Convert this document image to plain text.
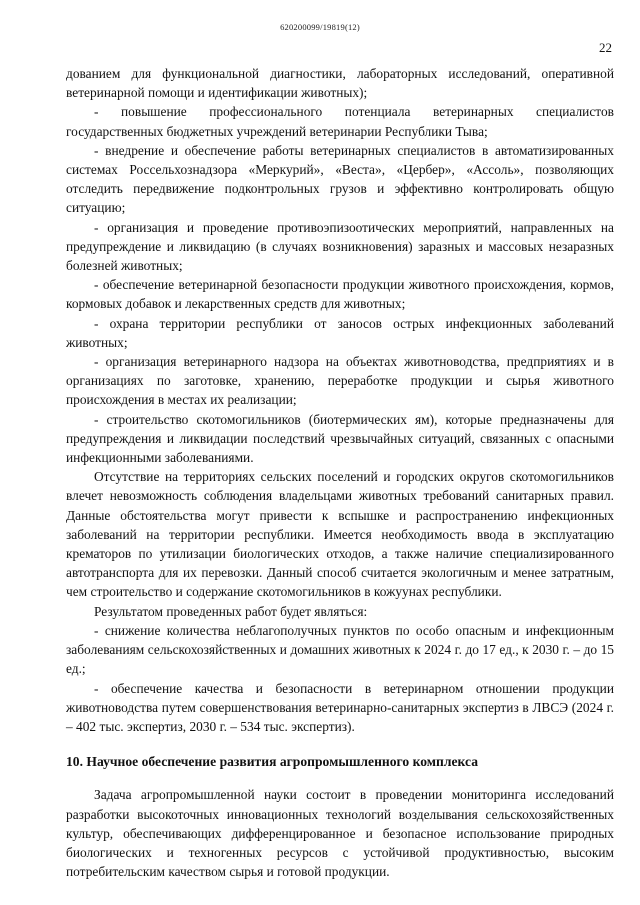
620200099/19819(12)
22

дованием для функциональной диагностики, лабораторных исследований, оперативной ветеринарной помощи и идентификации животных);

- повышение профессионального потенциала ветеринарных специалистов государственных бюджетных учреждений ветеринарии Республики Тыва;

- внедрение и обеспечение работы ветеринарных специалистов в автоматизированных системах Россельхознадзора «Меркурий», «Веста», «Цербер», «Ассоль», позволяющих отследить передвижение подконтрольных грузов и эффективно контролировать общую ситуацию;

- организация и проведение противоэпизоотических мероприятий, направленных на предупреждение и ликвидацию (в случаях возникновения) заразных и массовых незаразных болезней животных;

- обеспечение ветеринарной безопасности продукции животного происхождения, кормов, кормовых добавок и лекарственных средств для животных;

- охрана территории республики от заносов острых инфекционных заболеваний животных;

- организация ветеринарного надзора на объектах животноводства, предприятиях и в организациях по заготовке, хранению, переработке продукции и сырья животного происхождения в местах их реализации;

- строительство скотомогильников (биотермических ям), которые предназначены для предупреждения и ликвидации последствий чрезвычайных ситуаций, связанных с опасными инфекционными заболеваниями.

Отсутствие на территориях сельских поселений и городских округов скотомогильников влечет невозможность соблюдения владельцами животных требований санитарных правил. Данные обстоятельства могут привести к вспышке и распространению инфекционных заболеваний на территории республики. Имеется необходимость ввода в эксплуатацию крематоров по утилизации биологических отходов, а также наличие специализированного автотранспорта для их перевозки. Данный способ считается экологичным и менее затратным, чем строительство и содержание скотомогильников в кожуунах республики.

Результатом проведенных работ будет являться:

- снижение количества неблагополучных пунктов по особо опасным и инфекционным заболеваниям сельскохозяйственных и домашних животных к 2024 г. до 17 ед., к 2030 г. – до 15 ед.;

- обеспечение качества и безопасности в ветеринарном отношении продукции животноводства путем совершенствования ветеринарно-санитарных экспертиз в ЛВСЭ (2024 г. – 402 тыс. экспертиз, 2030 г. – 534 тыс. экспертиз).

10. Научное обеспечение развития агропромышленного комплекса

Задача агропромышленной науки состоит в проведении мониторинга исследований разработки высокоточных инновационных технологий возделывания сельскохозяйственных культур, обеспечивающих дифференцированное и безопасное использование природных биологических и техногенных ресурсов с устойчивой продуктивностью, высоким потребительским качеством сырья и готовой продукции.
